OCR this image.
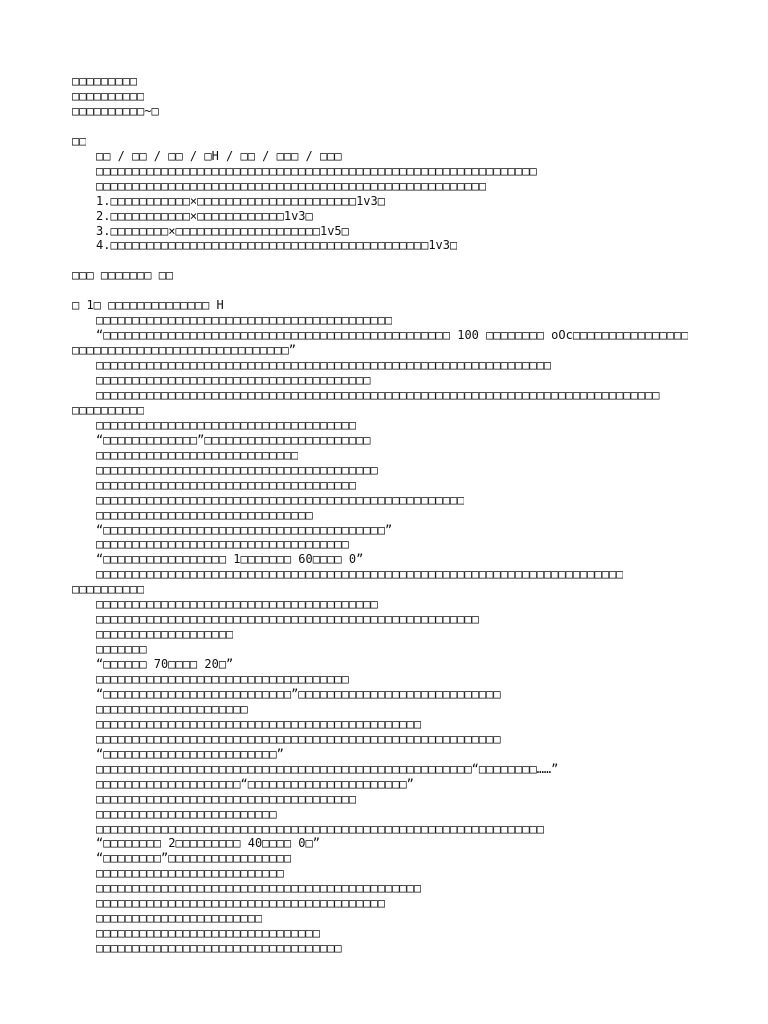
□□□□□□□□□
□□□□□□□□□□
□□□□□□□□□□~□
□□
□□ / □□ / □□ / □H / □□ / □□□ / □□□
□□□□□□□□□□□□□□□□□□□□□□□□□□□□□□□□□□□□□□□□□□□□□□□□□□□□□□□□□□□□□
□□□□□□□□□□□□□□□□□□□□□□□□□□□□□□□□□□□□□□□□□□□□□□□□□□□□□□
1.□□□□□□□□□□□×□□□□□□□□□□□□□□□□□□□□□□1v3□
2.□□□□□□□□□□□×□□□□□□□□□□□□1v3□
3.□□□□□□□□×□□□□□□□□□□□□□□□□□□□□1v5□
4.□□□□□□□□□□□□□□□□□□□□□□□□□□□□□□□□□□□□□□□□□□□□1v3□
□□□ □□□□□□□ □□
□ 1□ □□□□□□□□□□□□□□ H
□□□□□□□□□□□□□□□□□□□□□□□□□□□□□□□□□□□□□□□□□
“□□□□□□□□□□□□□□□□□□□□□□□□□□□□□□□□□□□□□□□□□□□□□□□□ 100 □□□□□□□□ oOc□□□□□□□□□□□□□□□□
□□□□□□□□□□□□□□□□□□□□□□□□□□□□□□”
□□□□□□□□□□□□□□□□□□□□□□□□□□□□□□□□□□□□□□□□□□□□□□□□□□□□□□□□□□□□□□□
□□□□□□□□□□□□□□□□□□□□□□□□□□□□□□□□□□□□□□
□□□□□□□□□□□□□□□□□□□□□□□□□□□□□□□□□□□□□□□□□□□□□□□□□□□□□□□□□□□□□□□□□□□□□□□□□□□□□□
□□□□□□□□□□
□□□□□□□□□□□□□□□□□□□□□□□□□□□□□□□□□□□□
“□□□□□□□□□□□□□”□□□□□□□□□□□□□□□□□□□□□□□
□□□□□□□□□□□□□□□□□□□□□□□□□□□□
□□□□□□□□□□□□□□□□□□□□□□□□□□□□□□□□□□□□□□□
□□□□□□□□□□□□□□□□□□□□□□□□□□□□□□□□□□□□
□□□□□□□□□□□□□□□□□□□□□□□□□□□□□□□□□□□□□□□□□□□□□□□□□□□
□□□□□□□□□□□□□□□□□□□□□□□□□□□□□□
“□□□□□□□□□□□□□□□□□□□□□□□□□□□□□□□□□□□□□□□”
□□□□□□□□□□□□□□□□□□□□□□□□□□□□□□□□□□□
“□□□□□□□□□□□□□□□□□ 1□□□□□□□ 60□□□□ 0”
□□□□□□□□□□□□□□□□□□□□□□□□□□□□□□□□□□□□□□□□□□□□□□□□□□□□□□□□□□□□□□□□□□□□□□□□□
□□□□□□□□□□
□□□□□□□□□□□□□□□□□□□□□□□□□□□□□□□□□□□□□□□
□□□□□□□□□□□□□□□□□□□□□□□□□□□□□□□□□□□□□□□□□□□□□□□□□□□□□
□□□□□□□□□□□□□□□□□□□
□□□□□□□
“□□□□□□ 70□□□□ 20□”
□□□□□□□□□□□□□□□□□□□□□□□□□□□□□□□□□□□
“□□□□□□□□□□□□□□□□□□□□□□□□□□”□□□□□□□□□□□□□□□□□□□□□□□□□□□□
□□□□□□□□□□□□□□□□□□□□□
□□□□□□□□□□□□□□□□□□□□□□□□□□□□□□□□□□□□□□□□□□□□□
□□□□□□□□□□□□□□□□□□□□□□□□□□□□□□□□□□□□□□□□□□□□□□□□□□□□□□□□
“□□□□□□□□□□□□□□□□□□□□□□□□”
□□□□□□□□□□□□□□□□□□□□□□□□□□□□□□□□□□□□□□□□□□□□□□□□□□□□“□□□□□□□□……”
□□□□□□□□□□□□□□□□□□□□“□□□□□□□□□□□□□□□□□□□□□□”
□□□□□□□□□□□□□□□□□□□□□□□□□□□□□□□□□□□□
□□□□□□□□□□□□□□□□□□□□□□□□□
□□□□□□□□□□□□□□□□□□□□□□□□□□□□□□□□□□□□□□□□□□□□□□□□□□□□□□□□□□□□□□
“□□□□□□□□ 2□□□□□□□□□ 40□□□□ 0□”
“□□□□□□□□”□□□□□□□□□□□□□□□□□
□□□□□□□□□□□□□□□□□□□□□□□□□□
□□□□□□□□□□□□□□□□□□□□□□□□□□□□□□□□□□□□□□□□□□□□□
□□□□□□□□□□□□□□□□□□□□□□□□□□□□□□□□□□□□□□□□
□□□□□□□□□□□□□□□□□□□□□□□
□□□□□□□□□□□□□□□□□□□□□□□□□□□□□□□
□□□□□□□□□□□□□□□□□□□□□□□□□□□□□□□□□□
